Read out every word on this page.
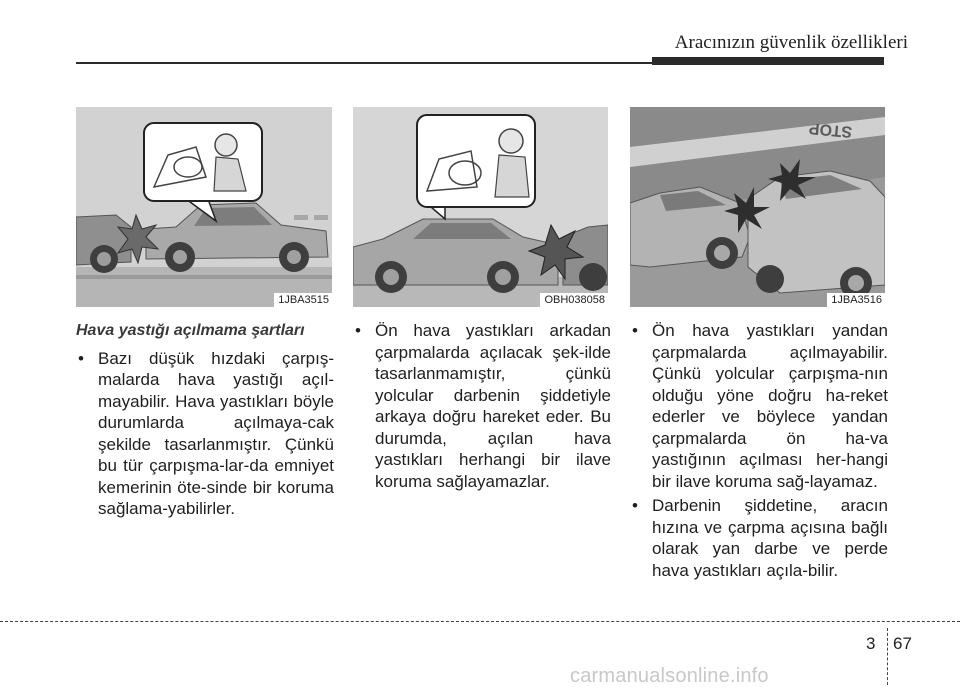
Aracınızın güvenlik özellikleri
1JBA3515	OBH038058
STOP
1JBA3516
Hava yastığı açılmama şartları
• Bazı düşük hızdaki çarpış-malarda hava yastığı açıl-mayabilir. Hava yastıkları böyle durumlarda açılmaya-cak şekilde tasarlanmıştır. Çünkü bu tür çarpışma-lar-da emniyet kemerinin öte-sinde bir koruma sağlama-yabilirler.
• Ön hava yastıkları arkadan çarpmalarda açılacak şek-ilde tasarlanmamıştır, çünkü yolcular darbenin şiddetiyle arkaya doğru hareket eder. Bu durumda, açılan hava yastıkları herhangi bir ilave koruma sağlayamazlar.
• Ön hava yastıkları yandan çarpmalarda açılmayabilir. Çünkü yolcular çarpışma-nın olduğu yöne doğru ha-reket ederler ve böylece yandan çarpmalarda ön ha-va yastığının açılması her-hangi bir ilave koruma sağ-layamaz.
• Darbenin şiddetine, aracın hızına ve çarpma açısına bağlı olarak yan darbe ve perde hava yastıkları açıla-bilir.
3 67
carmanualsonline.info
